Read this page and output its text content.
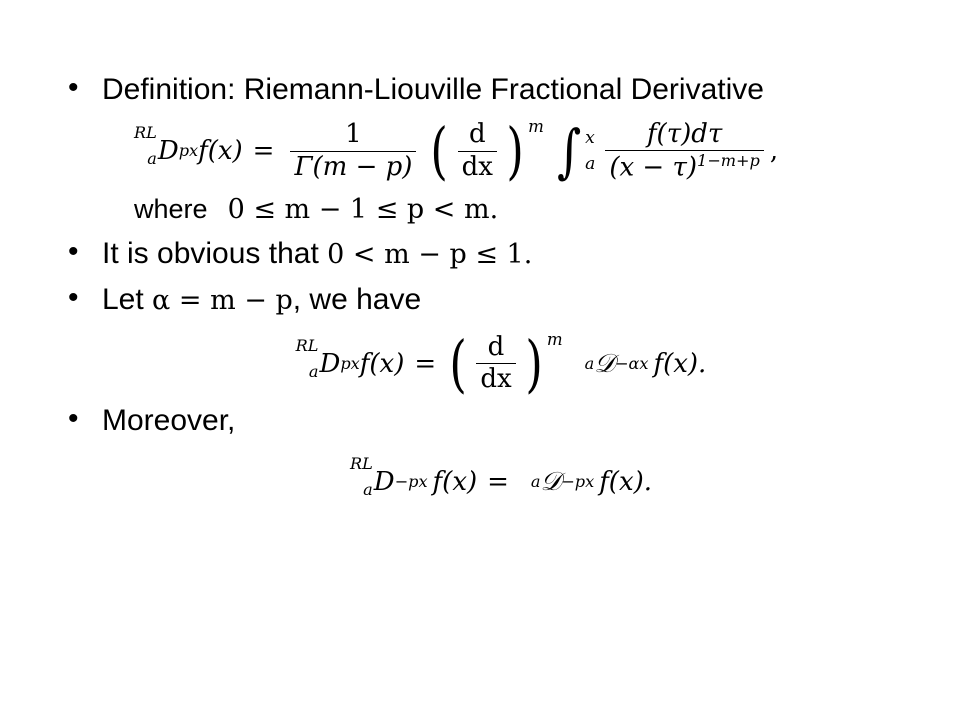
• Definition: Riemann-Liouville Fractional Derivative
RL
a D p x $f(x) = \frac{1}{\Gamma(m - p)}$ ( $\frac{d}{dx}$ ) m ∫ x
a $\frac{f(\tau)d\tau}{(x - \tau)^{1-m+p}}$ ,
where 0 ≤ m − 1 ≤ p < m.
• It is obvious that 0 < m − p ≤ 1.
• Let α = m − p, we have
RL
a D p x f(x) = ( $\frac{d}{dx}$ ) m
a 𝒟 −α x f(x).
• Moreover,
RL
a D −p x f(x) = a 𝒟 −p x f(x).
